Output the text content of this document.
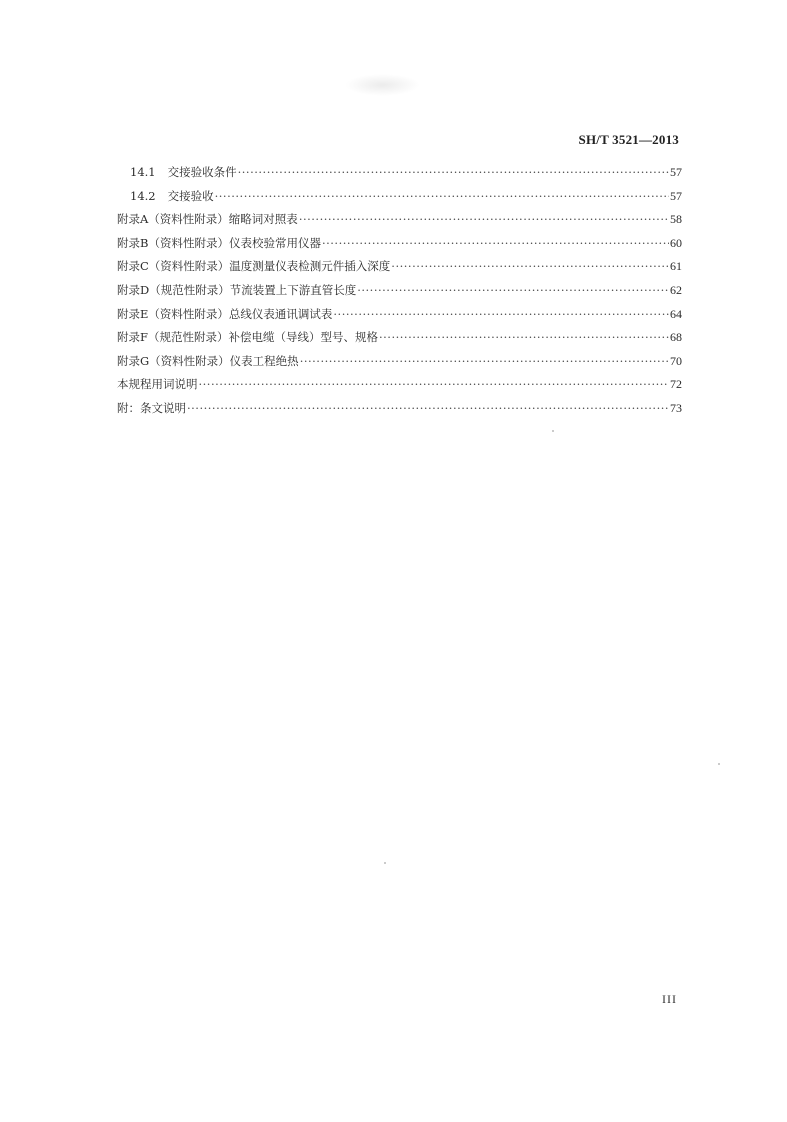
SH/T 3521—2013
14.1 交接验收条件 ·····	57
14.2 交接验收 ·····	57
附录A（资料性附录）缩略词对照表 ·····	58
附录B（资料性附录）仪表校验常用仪器 ·····	60
附录C（资料性附录）温度测量仪表检测元件插入深度 ·····	61
附录D（规范性附录）节流装置上下游直管长度 ·····	62
附录E（资料性附录）总线仪表通讯调试表 ·····	64
附录F（规范性附录）补偿电缆（导线）型号、规格 ·····	68
附录G（资料性附录）仪表工程绝热 ·····	70
本规程用词说明 ·····	72
附：条文说明 ·····	73
III
